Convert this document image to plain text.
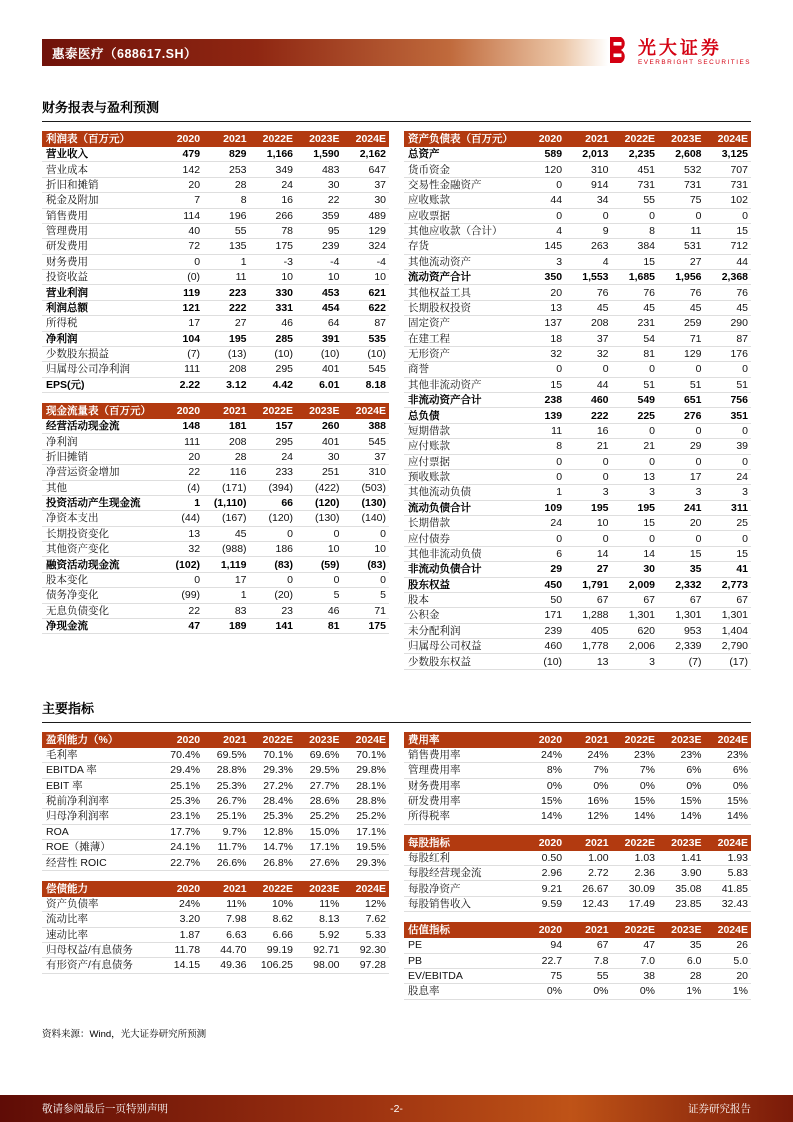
惠泰医疗（688617.SH）	光大证券
EVERBRIGHT SECURITIES
财务报表与盈利预测
利润表（百万元）	2020	2021	2022E	2023E	2024E
营业收入	479	829	1,166	1,590	2,162
营业成本	142	253	349	483	647
折旧和摊销	20	28	24	30	37
税金及附加	7	8	16	22	30
销售费用	114	196	266	359	489
管理费用	40	55	78	95	129
研发费用	72	135	175	239	324
财务费用	0	1	-3	-4	-4
投资收益	(0)	11	10	10	10
营业利润	119	223	330	453	621
利润总额	121	222	331	454	622
所得税	17	27	46	64	87
净利润	104	195	285	391	535
少数股东损益	(7)	(13)	(10)	(10)	(10)
归属母公司净利润	111	208	295	401	545
EPS(元)	2.22	3.12	4.42	6.01	8.18
现金流量表（百万元）	2020	2021	2022E	2023E	2024E
经营活动现金流	148	181	157	260	388
净利润	111	208	295	401	545
折旧摊销	20	28	24	30	37
净营运资金增加	22	116	233	251	310
其他	(4)	(171)	(394)	(422)	(503)
投资活动产生现金流	1	(1,110)	66	(120)	(130)
净资本支出	(44)	(167)	(120)	(130)	(140)
长期投资变化	13	45	0	0	0
其他资产变化	32	(988)	186	10	10
融资活动现金流	(102)	1,119	(83)	(59)	(83)
股本变化	0	17	0	0	0
债务净变化	(99)	1	(20)	5	5
无息负债变化	22	83	23	46	71
净现金流	47	189	141	81	175
资产负债表（百万元）	2020	2021	2022E	2023E	2024E
总资产	589	2,013	2,235	2,608	3,125
货币资金	120	310	451	532	707
交易性金融资产	0	914	731	731	731
应收账款	44	34	55	75	102
应收票据	0	0	0	0	0
其他应收款（合计）	4	9	8	11	15
存货	145	263	384	531	712
其他流动资产	3	4	15	27	44
流动资产合计	350	1,553	1,685	1,956	2,368
其他权益工具	20	76	76	76	76
长期股权投资	13	45	45	45	45
固定资产	137	208	231	259	290
在建工程	18	37	54	71	87
无形资产	32	32	81	129	176
商誉	0	0	0	0	0
其他非流动资产	15	44	51	51	51
非流动资产合计	238	460	549	651	756
总负债	139	222	225	276	351
短期借款	11	16	0	0	0
应付账款	8	21	21	29	39
应付票据	0	0	0	0	0
预收账款	0	0	13	17	24
其他流动负债	1	3	3	3	3
流动负债合计	109	195	195	241	311
长期借款	24	10	15	20	25
应付债券	0	0	0	0	0
其他非流动负债	6	14	14	15	15
非流动负债合计	29	27	30	35	41
股东权益	450	1,791	2,009	2,332	2,773
股本	50	67	67	67	67
公积金	171	1,288	1,301	1,301	1,301
未分配利润	239	405	620	953	1,404
归属母公司权益	460	1,778	2,006	2,339	2,790
少数股东权益	(10)	13	3	(7)	(17)
主要指标
盈利能力（%）	2020	2021	2022E	2023E	2024E
毛利率	70.4%	69.5%	70.1%	69.6%	70.1%
EBITDA 率	29.4%	28.8%	29.3%	29.5%	29.8%
EBIT 率	25.1%	25.3%	27.2%	27.7%	28.1%
税前净利润率	25.3%	26.7%	28.4%	28.6%	28.8%
归母净利润率	23.1%	25.1%	25.3%	25.2%	25.2%
ROA	17.7%	9.7%	12.8%	15.0%	17.1%
ROE（摊薄）	24.1%	11.7%	14.7%	17.1%	19.5%
经营性 ROIC	22.7%	26.6%	26.8%	27.6%	29.3%
偿债能力	2020	2021	2022E	2023E	2024E
资产负债率	24%	11%	10%	11%	12%
流动比率	3.20	7.98	8.62	8.13	7.62
速动比率	1.87	6.63	6.66	5.92	5.33
归母权益/有息债务	11.78	44.70	99.19	92.71	92.30
有形资产/有息债务	14.15	49.36	106.25	98.00	97.28
费用率	2020	2021	2022E	2023E	2024E
销售费用率	24%	24%	23%	23%	23%
管理费用率	8%	7%	7%	6%	6%
财务费用率	0%	0%	0%	0%	0%
研发费用率	15%	16%	15%	15%	15%
所得税率	14%	12%	14%	14%	14%
每股指标	2020	2021	2022E	2023E	2024E
每股红利	0.50	1.00	1.03	1.41	1.93
每股经营现金流	2.96	2.72	2.36	3.90	5.83
每股净资产	9.21	26.67	30.09	35.08	41.85
每股销售收入	9.59	12.43	17.49	23.85	32.43
估值指标	2020	2021	2022E	2023E	2024E
PE	94	67	47	35	26
PB	22.7	7.8	7.0	6.0	5.0
EV/EBITDA	75	55	38	28	20
股息率	0%	0%	0%	1%	1%

资料来源：Wind，光大证券研究所预测

敬请参阅最后一页特别声明	-2-	证券研究报告
